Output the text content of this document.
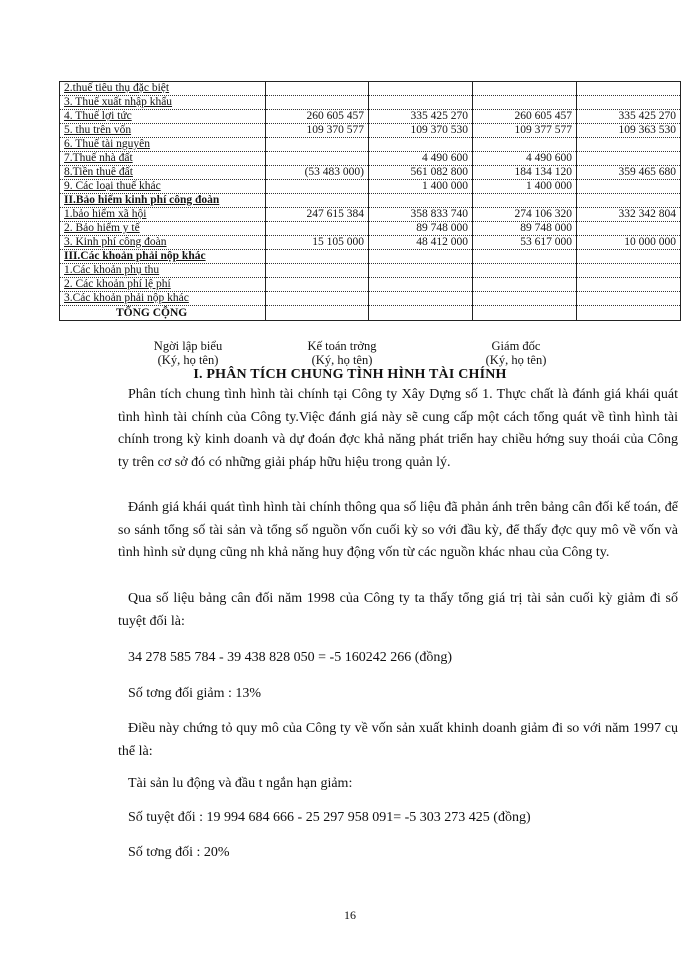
2.thuế tiêu thụ đặc biệt				
3. Thuế xuất nhập khẩu				
4. Thuế lợi tức	260 605 457	335 425 270	260 605 457	335 425 270
5. thu trên vốn	109 370 577	109 370 530	109 377 577	109 363 530
6. Thuế tài nguyên				
7.Thuế nhà đất		4 490 600	4 490 600	
8.Tiền thuê đất	(53 483 000)	561 082 800	184 134 120	359 465 680
9. Các loại thuế khác		1 400 000	1 400 000	
II.Bảo hiểm kinh phí công đoàn				
1.bảo hiểm xã hội	247 615 384	358 833 740	274 106 320	332 342 804
2. Bảo hiểm y tế		89 748 000	89 748 000	
3. Kinh phí công đoàn	15 105 000	48 412 000	53 617 000	10 000 000
III.Các khoản phải nộp khác				
1.Các khoản phụ thu				
2. Các khoản phí lệ phí				
3.Các khoản phải nộp khác				
TỔNG CỘNG				
Ngời lập biểu
(Ký, họ tên)
Kế toán trởng
(Ký, họ tên)
Giám đốc
(Ký, họ tên)
I. PHÂN TÍCH CHUNG TÌNH HÌNH TÀI CHÍNH

Phân tích chung tình hình tài chính tại Công ty Xây Dựng số 1. Thực chất là đánh giá khái quát tình hình tài chính của Công ty.Việc đánh giá này sẽ cung cấp một cách tổng quát về tình hình tài chính trong kỳ kinh doanh và dự đoán đợc khả năng phát triển hay chiều hớng suy thoái của Công ty trên cơ sở đó có những giải pháp hữu hiệu trong quản lý.

Đánh giá khái quát tình hình tài chính thông qua số liệu đã phản ánh trên bảng cân đối kế toán, để so sánh tổng số tài sản và tổng số nguồn vốn cuối kỳ so với đầu kỳ, để thấy đợc quy mô về vốn và tình hình sử dụng cũng nh khả năng huy động vốn từ các nguồn khác nhau của Công ty.

Qua số liệu bảng cân đối năm 1998 của Công ty ta thấy tổng giá trị tài sản cuối kỳ giảm đi số tuyệt đối là:

34 278 585 784 - 39 438 828 050 = -5 160242 266 (đồng)

Số tơng đối giảm : 13%

Điều này chứng tỏ quy mô của Công ty về vốn sản xuất khinh doanh giảm đi so với năm 1997 cụ thể là:

Tài sản lu động và đầu t ngắn hạn giảm:

Số tuyệt đối : 19 994 684 666 - 25 297 958 091= -5 303 273 425 (đồng)

Số tơng đối : 20%

16
